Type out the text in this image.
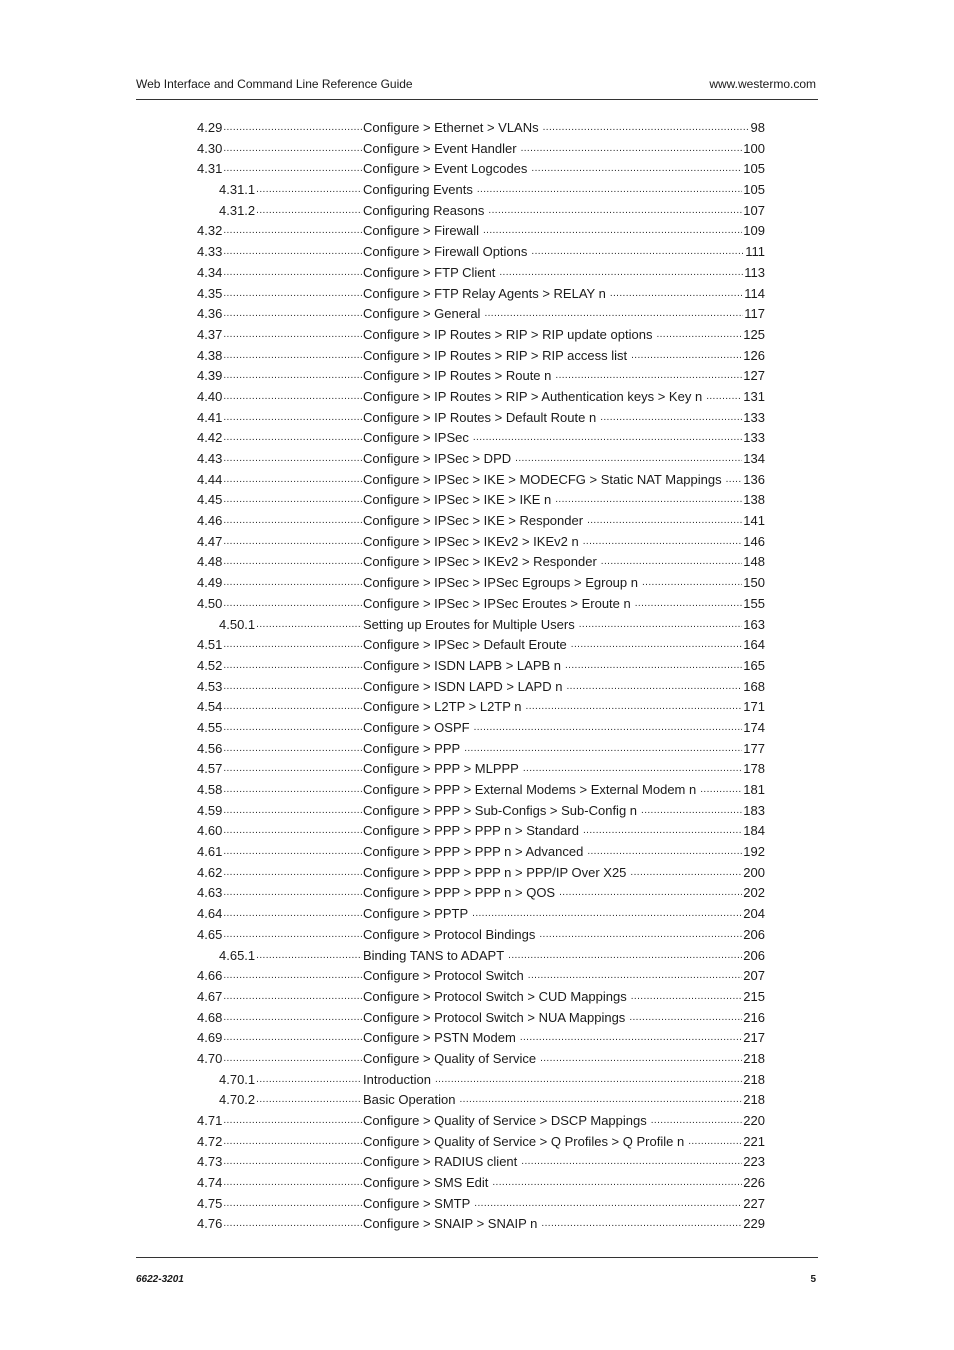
Web Interface and Command Line Reference Guide	www.westermo.com
4.29 .....	Configure > Ethernet > VLANs .....	98
4.30 .....	Configure > Event Handler .....	100
4.31 .....	Configure > Event Logcodes .....	105
4.31.1 .....	Configuring Events .....	105
4.31.2 .....	Configuring Reasons .....	107
4.32 .....	Configure > Firewall .....	109
4.33 .....	Configure > Firewall Options .....	111
4.34 .....	Configure > FTP Client .....	113
4.35 .....	Configure > FTP Relay Agents > RELAY n .....	114
4.36 .....	Configure > General .....	117
4.37 .....	Configure > IP Routes > RIP > RIP update options .....	125
4.38 .....	Configure > IP Routes > RIP > RIP access list .....	126
4.39 .....	Configure > IP Routes > Route n .....	127
4.40 .....	Configure > IP Routes > RIP > Authentication keys > Key n .....	131
4.41 .....	Configure > IP Routes > Default Route n .....	133
4.42 .....	Configure > IPSec .....	133
4.43 .....	Configure > IPSec > DPD .....	134
4.44 .....	Configure > IPSec > IKE > MODECFG > Static NAT Mappings .....	136
4.45 .....	Configure > IPSec > IKE > IKE n .....	138
4.46 .....	Configure > IPSec > IKE > Responder .....	141
4.47 .....	Configure > IPSec > IKEv2 > IKEv2 n .....	146
4.48 .....	Configure > IPSec > IKEv2 > Responder .....	148
4.49 .....	Configure > IPSec > IPSec Egroups > Egroup n .....	150
4.50 .....	Configure > IPSec > IPSec Eroutes > Eroute n .....	155
4.50.1 .....	Setting up Eroutes for Multiple Users .....	163
4.51 .....	Configure > IPSec > Default Eroute .....	164
4.52 .....	Configure > ISDN LAPB > LAPB n .....	165
4.53 .....	Configure > ISDN LAPD > LAPD n .....	168
4.54 .....	Configure > L2TP > L2TP n .....	171
4.55 .....	Configure > OSPF .....	174
4.56 .....	Configure > PPP .....	177
4.57 .....	Configure > PPP > MLPPP .....	178
4.58 .....	Configure > PPP > External Modems > External Modem n .....	181
4.59 .....	Configure > PPP > Sub-Configs > Sub-Config n .....	183
4.60 .....	Configure > PPP > PPP n > Standard .....	184
4.61 .....	Configure > PPP > PPP n > Advanced .....	192
4.62 .....	Configure > PPP > PPP n > PPP/IP Over X25 .....	200
4.63 .....	Configure > PPP > PPP n > QOS .....	202
4.64 .....	Configure > PPTP .....	204
4.65 .....	Configure > Protocol Bindings .....	206
4.65.1 .....	Binding TANS to ADAPT .....	206
4.66 .....	Configure > Protocol Switch .....	207
4.67 .....	Configure > Protocol Switch > CUD Mappings .....	215
4.68 .....	Configure > Protocol Switch > NUA Mappings .....	216
4.69 .....	Configure > PSTN Modem .....	217
4.70 .....	Configure > Quality of Service .....	218
4.70.1 .....	Introduction .....	218
4.70.2 .....	Basic Operation .....	218
4.71 .....	Configure > Quality of Service > DSCP Mappings .....	220
4.72 .....	Configure > Quality of Service > Q Profiles > Q Profile n .....	221
4.73 .....	Configure > RADIUS client .....	223
4.74 .....	Configure > SMS Edit .....	226
4.75 .....	Configure > SMTP .....	227
4.76 .....	Configure > SNAIP > SNAIP n .....	229
6622-3201	5
